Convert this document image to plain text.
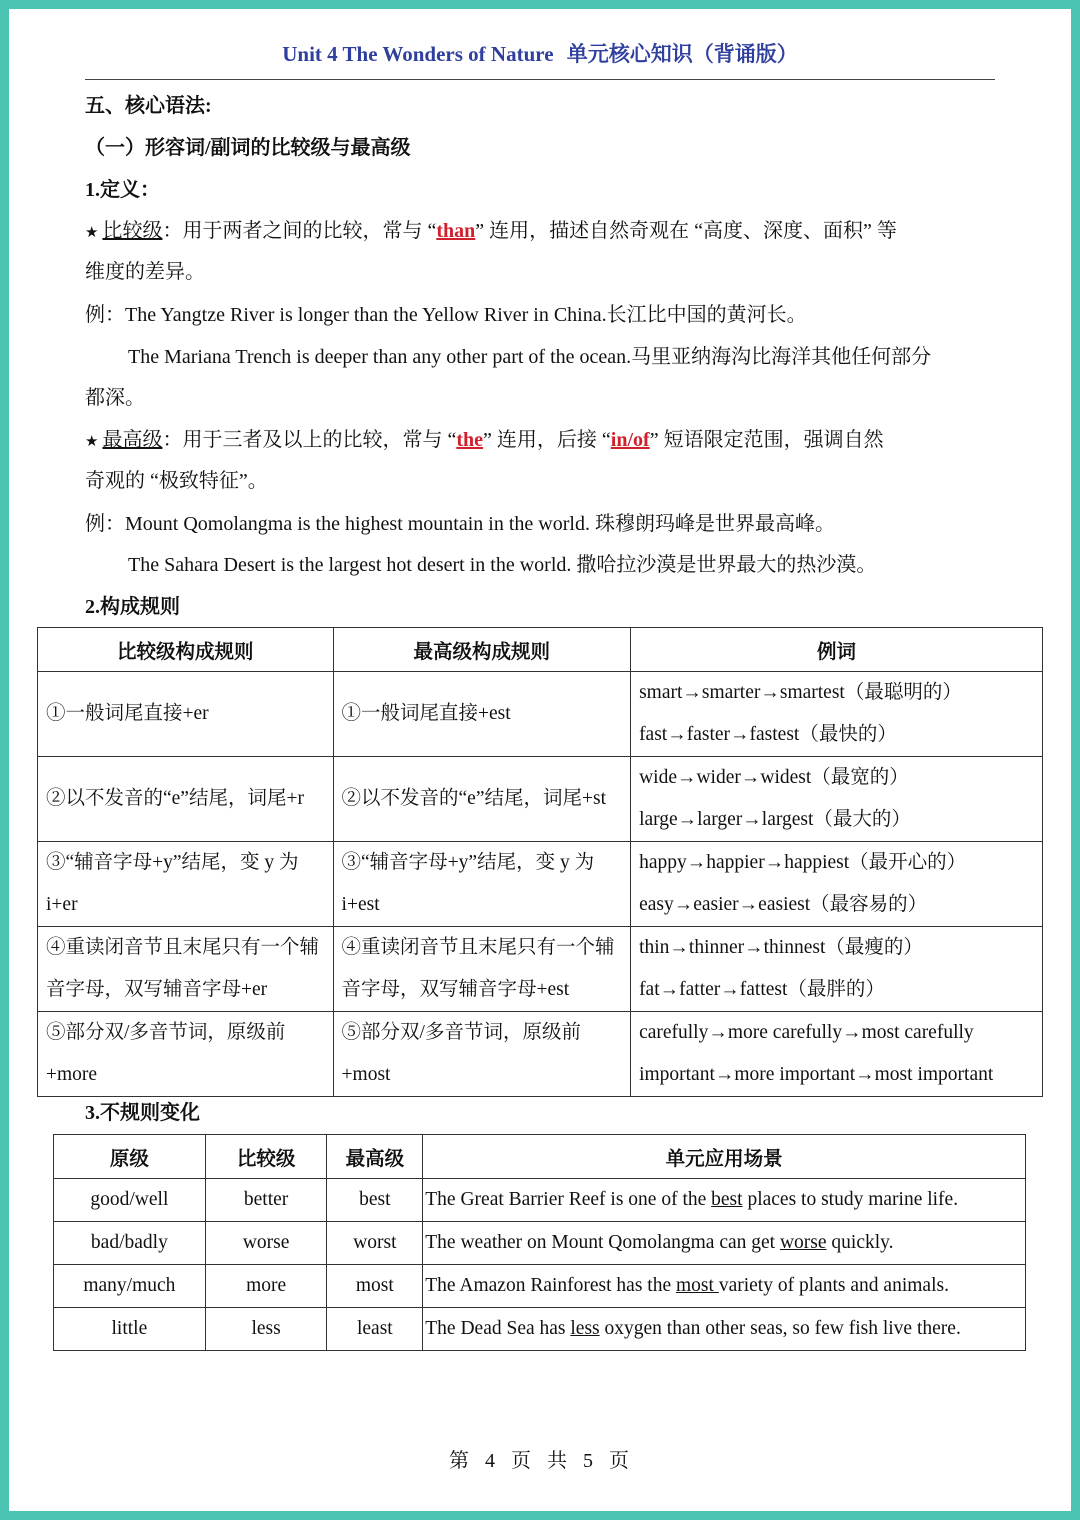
Unit 4 The Wonders of Nature 单元核心知识（背诵版）
五、核心语法:
（一）形容词/副词的比较级与最高级
1.定义：
★ 比较级：用于两者之间的比较，常与 “than” 连用，描述自然奇观在 “高度、深度、面积” 等
维度的差异。
例：The Yangtze River is longer than the Yellow River in China.长江比中国的黄河长。
The Mariana Trench is deeper than any other part of the ocean.马里亚纳海沟比海洋其他任何部分
都深。
★ 最高级：用于三者及以上的比较，常与 “the” 连用，后接 “in/of” 短语限定范围，强调自然
奇观的 “极致特征”。
例：Mount Qomolangma is the highest mountain in the world. 珠穆朗玛峰是世界最高峰。
The Sahara Desert is the largest hot desert in the world. 撒哈拉沙漠是世界最大的热沙漠。
2.构成规则
比较级构成规则	最高级构成规则	例词
①一般词尾直接+er	①一般词尾直接+est	smart→smarter→smartest（最聪明的）
fast→faster→fastest（最快的）

②以不发音的“e”结尾，词尾+r	②以不发音的“e”结尾，词尾+st	wide→wider→widest（最宽的）
large→larger→largest（最大的）

③“辅音字母+y”结尾，变 y 为 i+er	③“辅音字母+y”结尾，变 y 为 i+est	happy→happier→happiest（最开心的）
easy→easier→easiest（最容易的）

④重读闭音节且末尾只有一个辅音字母，双写辅音字母+er	④重读闭音节且末尾只有一个辅音字母，双写辅音字母+est	thin→thinner→thinnest（最瘦的）
fat→fatter→fattest（最胖的）

⑤部分双/多音节词，原级前+more	⑤部分双/多音节词，原级前+most	carefully→more carefully→most carefully
important→more important→most important
3.不规则变化
原级	比较级	最高级	单元应用场景
good/well	better	best	The Great Barrier Reef is one of the best places to study marine life.
bad/badly	worse	worst	The weather on Mount Qomolangma can get worse quickly.
many/much	more	most	The Amazon Rainforest has the most variety of plants and animals.
little	less	least	The Dead Sea has less oxygen than other seas, so few fish live there.
第  4  页  共  5  页
